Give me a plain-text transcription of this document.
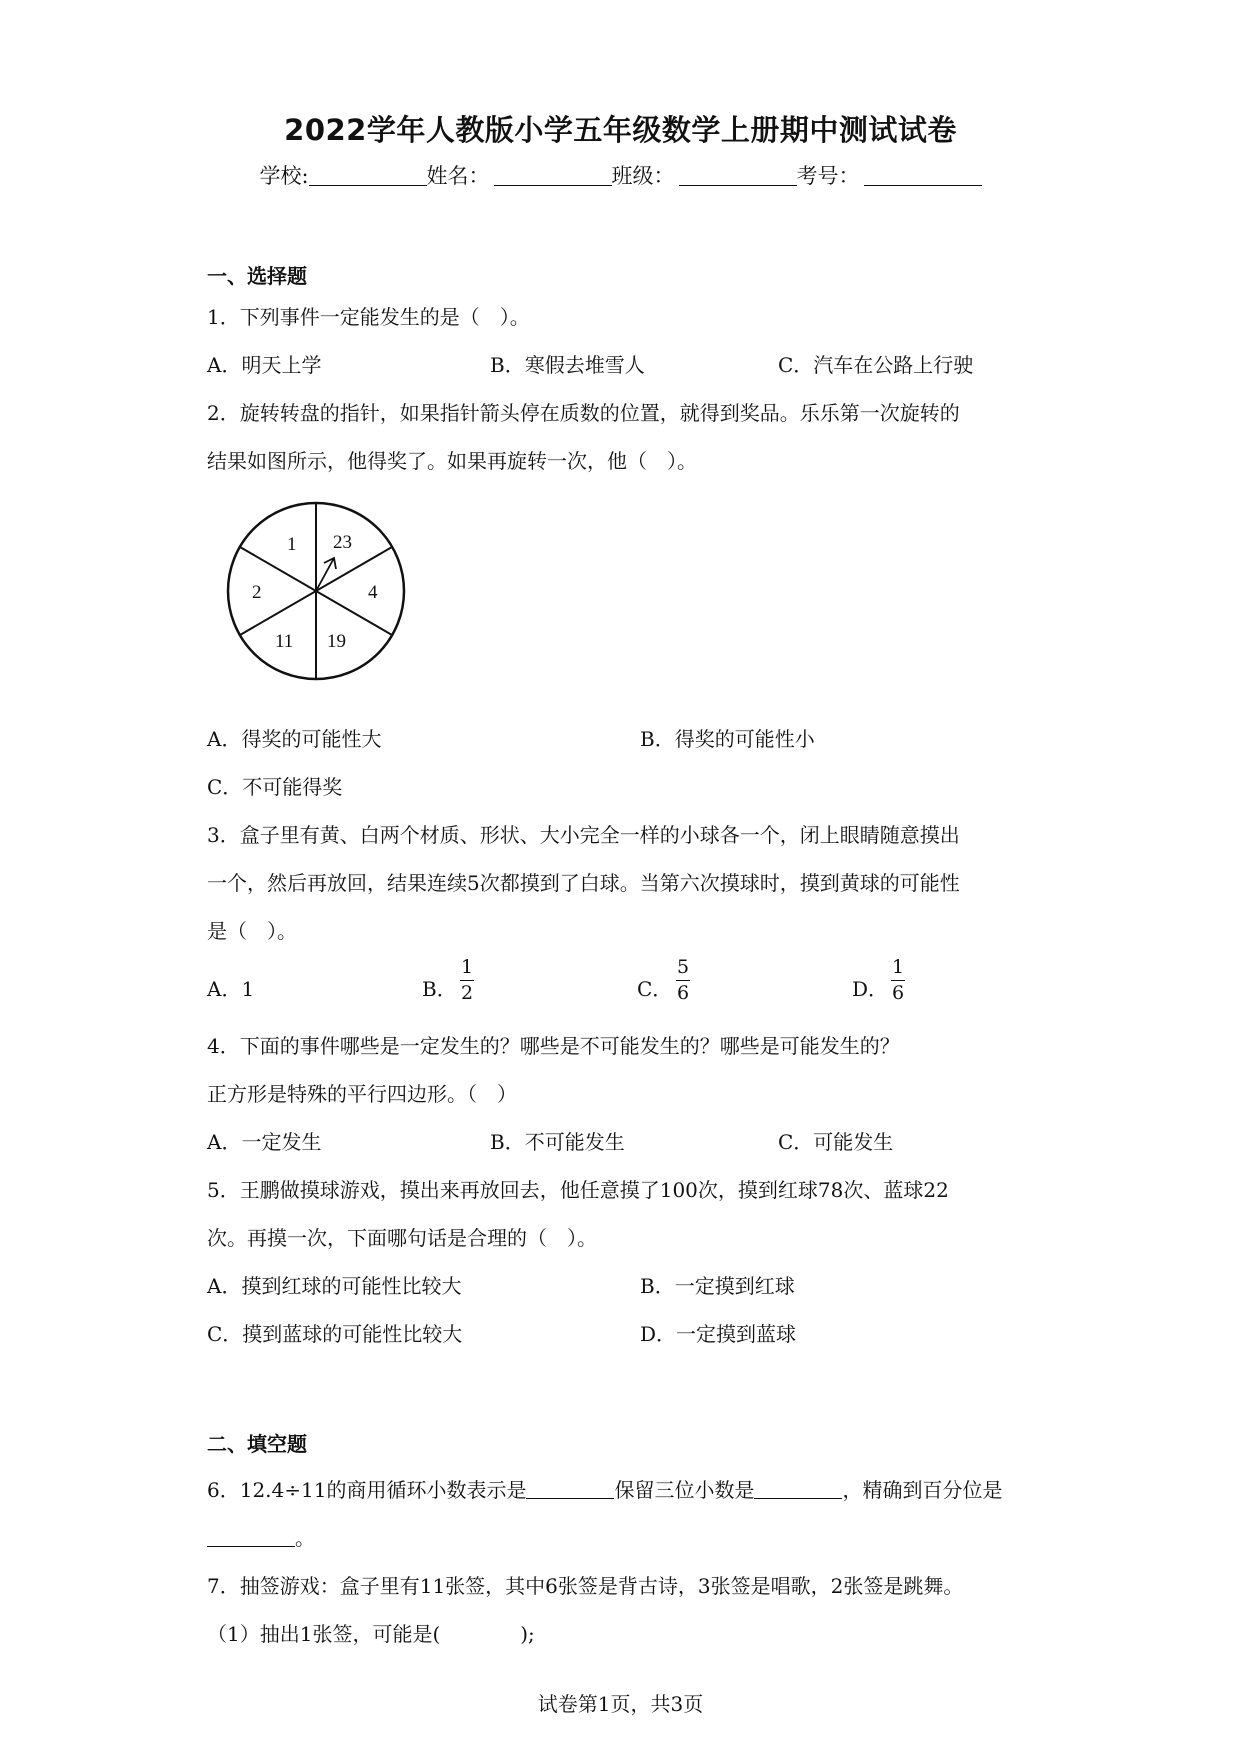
2022学年人教版小学五年级数学上册期中测试试卷
学校:	姓名：	班级：	考号：
一、选择题
1．下列事件一定能发生的是（　）。
A．明天上学	B．寒假去堆雪人	C．汽车在公路上行驶
2．旋转转盘的指针，如果指针箭头停在质数的位置，就得到奖品。乐乐第一次旋转的
结果如图所示，他得奖了。如果再旋转一次，他（　）。
1 23
4
19
11
2
A．得奖的可能性大	B．得奖的可能性小
C．不可能得奖
3．盒子里有黄、白两个材质、形状、大小完全一样的小球各一个，闭上眼睛随意摸出
一个，然后再放回，结果连续5次都摸到了白球。当第六次摸球时，摸到黄球的可能性
是（　）。
A．1	B．
1
2	C．
5
6	D．
1
6
4．下面的事件哪些是一定发生的？哪些是不可能发生的？哪些是可能发生的？
正方形是特殊的平行四边形。（　）
A．一定发生	B．不可能发生	C．可能发生
5．王鹏做摸球游戏，摸出来再放回去，他任意摸了100次，摸到红球78次、蓝球22
次。再摸一次，下面哪句话是合理的（　）。
A．摸到红球的可能性比较大	B．一定摸到红球
C．摸到蓝球的可能性比较大	D．一定摸到蓝球
二、填空题
6．12.4÷11的商用循环小数表示是	保留三位小数是	，精确到百分位是
。
7．抽签游戏：盒子里有11张签，其中6张签是背古诗，3张签是唱歌，2张签是跳舞。
（1）抽出1张签，可能是(　　　　);
试卷第1页，共3页
